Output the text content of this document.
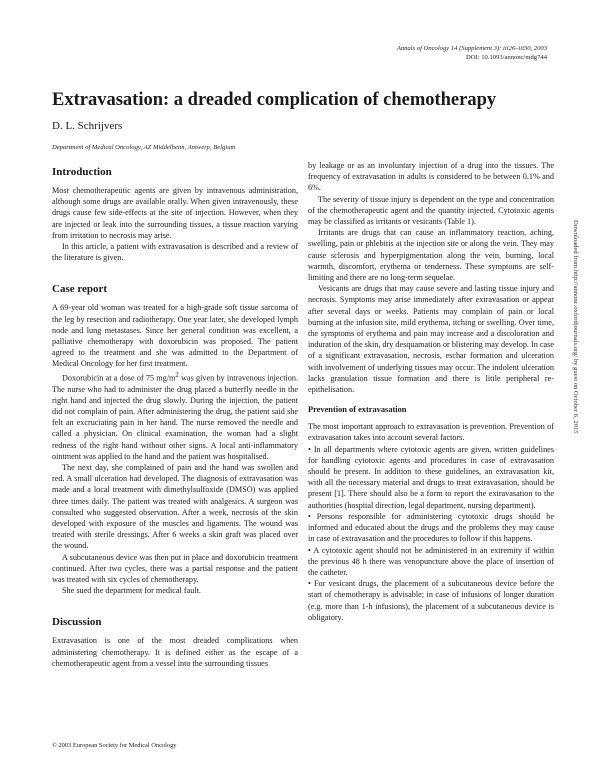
Annals of Oncology 14 (Supplement 3): iii26–iii30, 2003
DOI: 10.1093/annonc/mdg744
Extravasation: a dreaded complication of chemotherapy
D. L. Schrijvers
Department of Medical Oncology, AZ Middelheim, Antwerp, Belgium
Introduction

Most chemotherapeutic agents are given by intravenous administration, although some drugs are available orally. When given intravenously, these drugs cause few side-effects at the site of injection. However, when they are injected or leak into the surrounding tissues, a tissue reaction varying from irritation to necrosis may arise.

In this article, a patient with extravasation is described and a review of the literature is given.

Case report

A 69-year old woman was treated for a high-grade soft tissue sarcoma of the leg by resection and radiotherapy. One year later, she developed lymph node and lung metastases. Since her general condition was excellent, a palliative chemotherapy with doxorubicin was proposed. The patient agreed to the treatment and she was admitted to the Department of Medical Oncology for her first treatment.

Doxorubicin at a dose of 75 $mg/m^2$ was given by intravenous injection. The nurse who had to administer the drug placed a butterfly needle in the right hand and injected the drug slowly. During the injection, the patient did not complain of pain. After administering the drug, the patient said she felt an excruciating pain in her hand. The nurse removed the needle and called a physician. On clinical examination, the woman had a slight redness of the right hand without other signs. A local anti-inflammatory ointment was applied to the hand and the patient was hospitalised.

The next day, she complained of pain and the hand was swollen and red. A small ulceration had developed. The diagnosis of extravasation was made and a local treatment with dimethylsulfoxide (DMSO) was applied three times daily. The patient was treated with analgesics. A surgeon was consulted who suggested observation. After a week, necrosis of the skin developed with exposure of the muscles and ligaments. The wound was treated with sterile dressings. After 6 weeks a skin graft was placed over the wound.

A subcutaneous device was then put in place and doxorubicin treatment continued. After two cycles, there was a partial response and the patient was treated with six cycles of chemotherapy.

She sued the department for medical fault.

Discussion

Extravasation is one of the most dreaded complications when administering chemotherapy. It is defined either as the escape of a chemotherapeutic agent from a vessel into the surrounding tissues

by leakage or as an involuntary injection of a drug into the tissues. The frequency of extravasation in adults is considered to be between 0.1% and 6%.

The severity of tissue injury is dependent on the type and concentration of the chemotherapeutic agent and the quantity injected. Cytotoxic agents may be classified as irritants or vesicants (Table 1).

Irritants are drugs that can cause an inflammatory reaction, aching, swelling, pain or phlebitis at the injection site or along the vein. They may cause sclerosis and hyperpigmentation along the vein, burning, local warmth, discomfort, erythema or tenderness. These symptoms are self-limiting and there are no long-term sequelae.

Vesicants are drugs that may cause severe and lasting tissue injury and necrosis. Symptoms may arise immediately after extravasation or appear after several days or weeks. Patients may complain of pain or local burning at the infusion site, mild erythema, itching or swelling. Over time, the symptoms of erythema and pain may increase and a discoloration and induration of the skin, dry desquamation or blistering may develop. In case of a significant extravasation, necrosis, eschar formation and ulceration with involvement of underlying tissues may occur. The indolent ulceration lacks granulation tissue formation and there is little peripheral re-epithelisation.

Prevention of extravasation

The most important approach to extravasation is prevention. Prevention of extravasation takes into account several factors.

• In all departments where cytotoxic agents are given, written guidelines for handling cytotoxic agents and procedures in case of extravasation should be present. In addition to these guidelines, an extravasation kit, with all the necessary material and drugs to treat extravasation, should be present [1]. There should also be a form to report the extravasation to the authorities (hospital direction, legal department, nursing department).

• Persons responsible for administering cytotoxic drugs should be informed and educated about the drugs and the problems they may cause in case of extravasation and the procedures to follow if this happens.

• A cytotoxic agent should not be administered in an extremity if within the previous 48 h there was venopuncture above the place of insertion of the catheter.

• For vesicant drugs, the placement of a subcutaneous device before the start of chemotherapy is advisable; in case of infusions of longer duration (e.g. more than 1-h infusions), the placement of a subcutaneous device is obligatory.

© 2003 European Society for Medical Oncology
Downloaded from http://annonc.oxfordjournals.org/ by guest on October 6, 2015
